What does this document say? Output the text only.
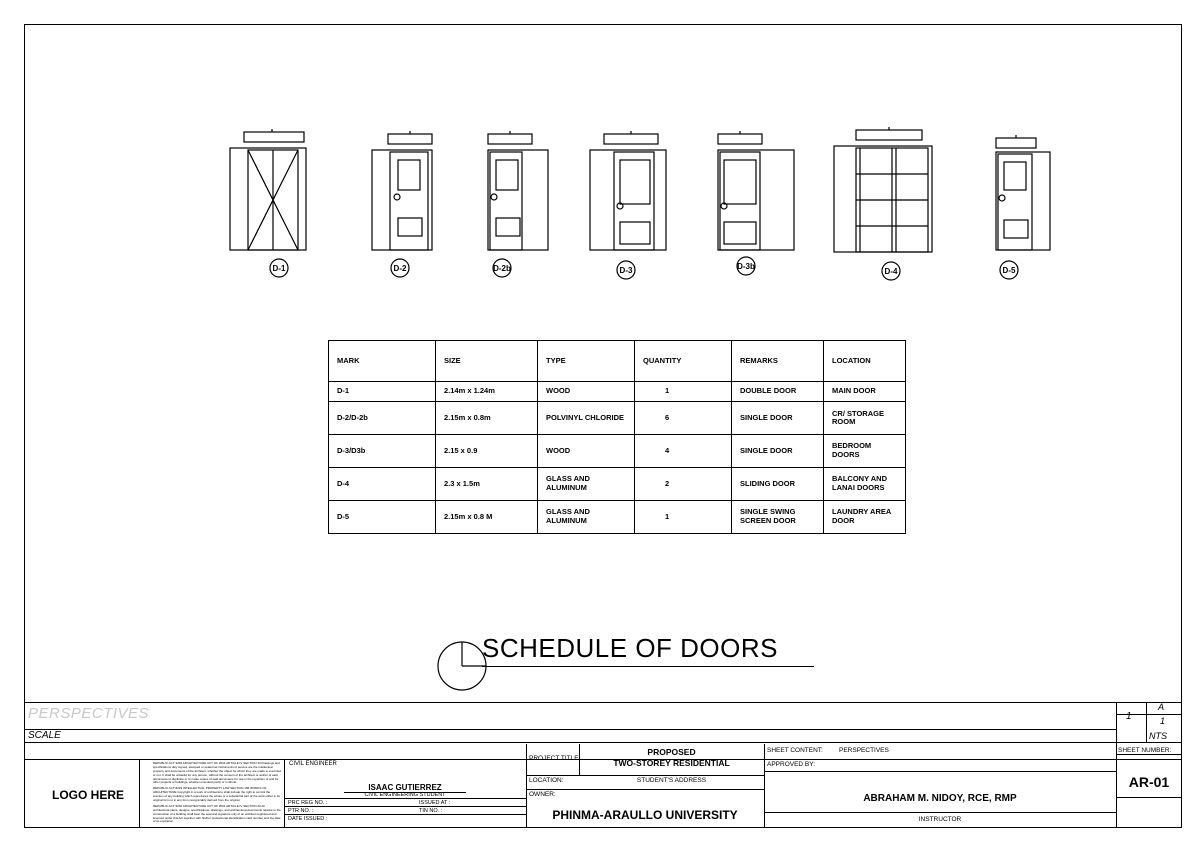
D-1	D-2	D-2b	D-3	D-3b
D-4	D-5
MARK	SIZE	TYPE	QUANTITY	REMARKS	LOCATION
D-1	2.14m x 1.24m	WOOD	1	DOUBLE DOOR	MAIN DOOR
D-2/D-2b	2.15m x 0.8m	POLVINYL CHLORIDE	6	SINGLE DOOR	CR/ STORAGE ROOM
D-3/D3b	2.15 x 0.9	WOOD	4	SINGLE DOOR	BEDROOM DOORS
D-4	2.3 x 1.5m	GLASS AND ALUMINUM	2	SLIDING DOOR	BALCONY AND LANAI DOORS
D-5	2.15m x 0.8 M	GLASS AND ALUMINUM	1	SINGLE SWING SCREEN DOOR	LAUNDRY AREA DOOR
SCHEDULE OF DOORS
PERSPECTIVES
SCALE
1
A
1
NTS
LOGO HERE
REPUBLIC ACT 9266 ARCHITECTURE ACT OF 2004 ARTICLE IV SECTION 33 Drawings and specifications duly signed, stamped or sealed as instruments of service are the intellectual property and documents of the architect, whether the object for which they are made is executed or not. It shall be unlawful for any person, without the consent of the architect or author of said documents to duplicate or to make copies of said documents for use in the repetition of and for other projects or buildings, whether executed partly or in whole.
REPUBLIC ACT 8293 INTELLECTUAL PROPERTY LAW SECTION 186 WORKS OF ARCHITECTURE Copyright in a work of architecture shall include the right to control the erection of any building which reproduces the whole or a substantial part of the work either in its original form or in any form recognizably derived from the original.
REPUBLIC ACT 9266 ARCHITECTURE ACT OF 2004 ARTICLE IV SECTION 20 All architectural plans, designs, specifications, drawings, and architectural documents relative to the construction of a building shall bear the seal and signature only of an architect registered and licensed under this Act together with his/her professional identification card number and the date of its expiration.
CIVIL ENGINEER
ISAAC GUTIERREZ
CIVIL ENGINEERING STUDENT
PRC REG NO. :	ISSUED AT :
PTR NO. :	TIN NO. :
DATE ISSUED :
PROJECT TITLE:
PROPOSED
TWO-STOREY RESIDENTIAL
LOCATION:	STUDENT'S ADDRESS
OWNER:
PHINMA-ARAULLO UNIVERSITY
SHEET CONTENT: PERSPECTIVES
APPROVED BY:
ABRAHAM M. NIDOY, RCE, RMP
INSTRUCTOR
SHEET NUMBER:
AR-01
